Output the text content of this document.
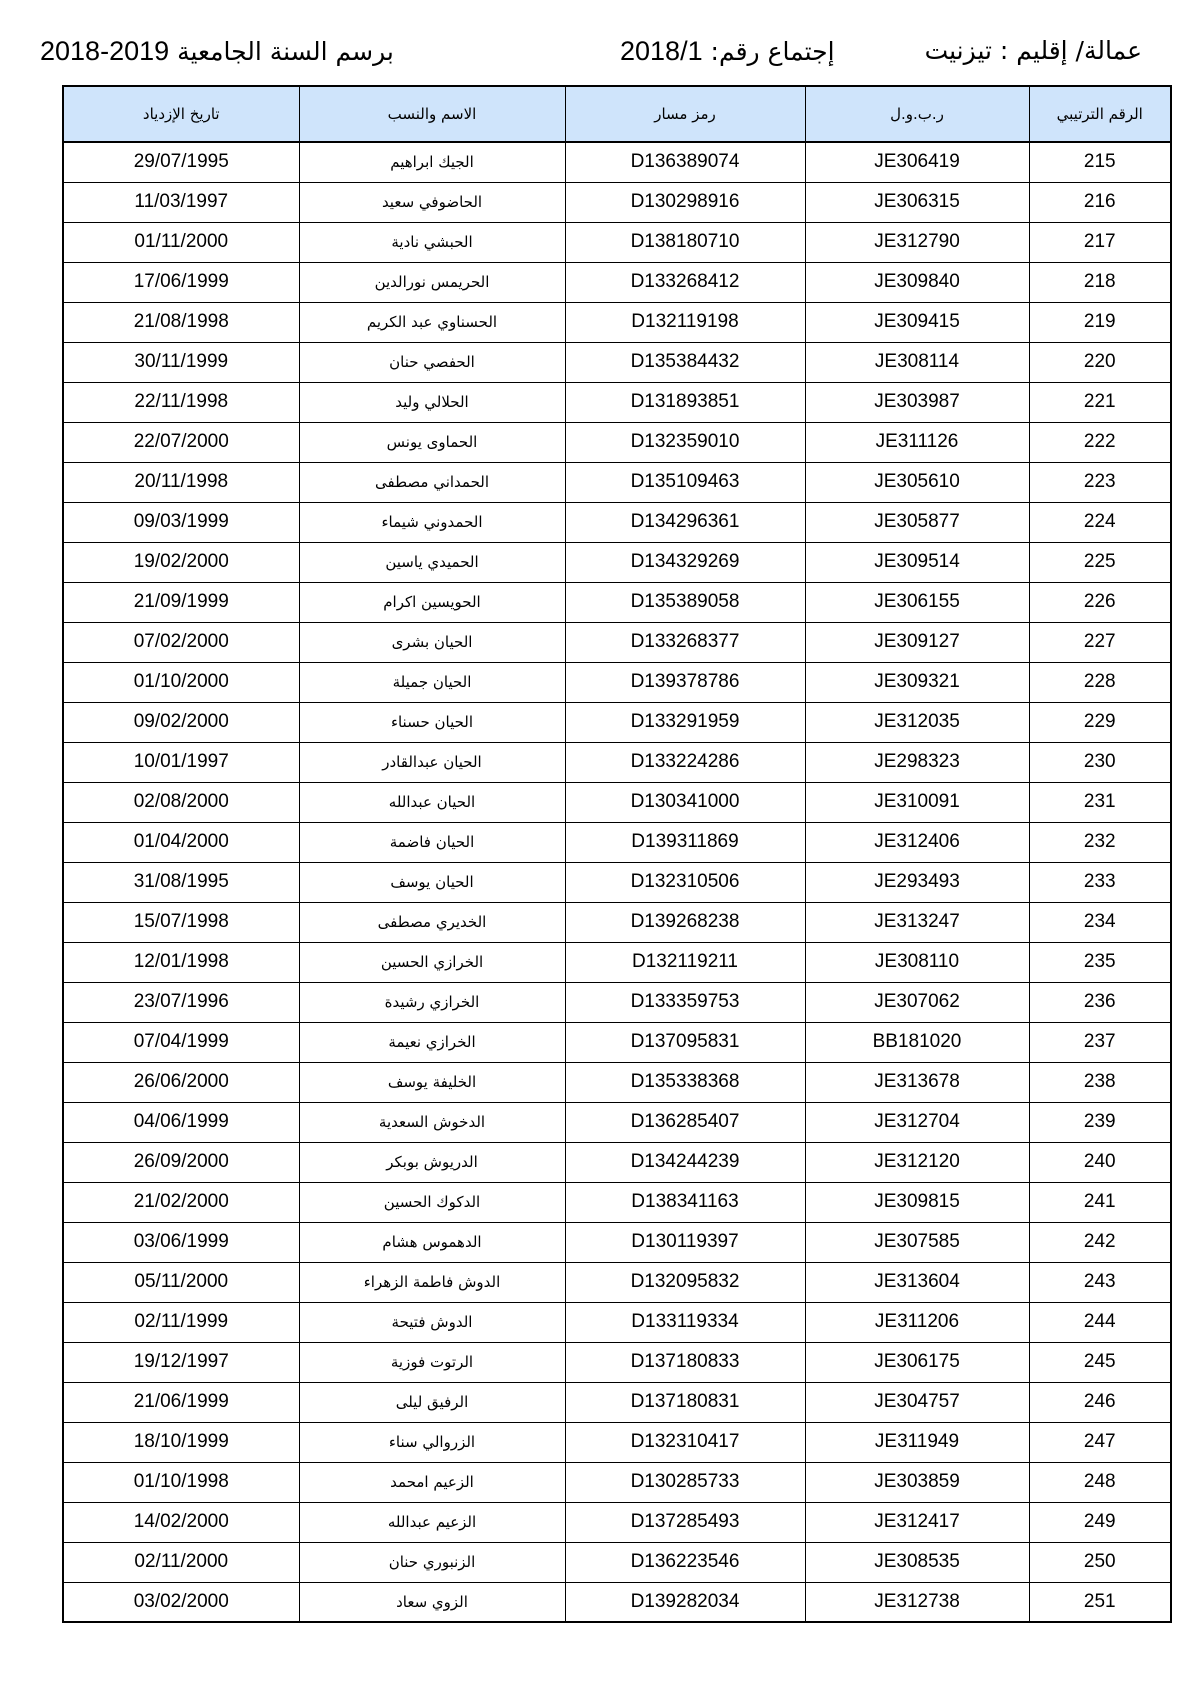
عمالة/ إقليم : تيزنيت
إجتماع رقم: 2018/1
برسم السنة الجامعية 2019-2018
الرقم الترتيبي	ر.ب.و.ل	رمز مسار	الاسم والنسب	تاريخ الإزدياد
215	JE306419	D136389074	الجيك ابراهيم	29/07/1995
216	JE306315	D130298916	الحاضوفي سعيد	11/03/1997
217	JE312790	D138180710	الحبشي نادية	01/11/2000
218	JE309840	D133268412	الحريمس نورالدين	17/06/1999
219	JE309415	D132119198	الحسناوي عبد الكريم	21/08/1998
220	JE308114	D135384432	الحفصي حنان	30/11/1999
221	JE303987	D131893851	الحلالي وليد	22/11/1998
222	JE311126	D132359010	الحماوى يونس	22/07/2000
223	JE305610	D135109463	الحمداني مصطفى	20/11/1998
224	JE305877	D134296361	الحمدوني شيماء	09/03/1999
225	JE309514	D134329269	الحميدي ياسين	19/02/2000
226	JE306155	D135389058	الحويسين اكرام	21/09/1999
227	JE309127	D133268377	الحيان بشرى	07/02/2000
228	JE309321	D139378786	الحيان جميلة	01/10/2000
229	JE312035	D133291959	الحيان حسناء	09/02/2000
230	JE298323	D133224286	الحيان عبدالقادر	10/01/1997
231	JE310091	D130341000	الحيان عبدالله	02/08/2000
232	JE312406	D139311869	الحيان فاضمة	01/04/2000
233	JE293493	D132310506	الحيان يوسف	31/08/1995
234	JE313247	D139268238	الخديري مصطفى	15/07/1998
235	JE308110	D132119211	الخرازي الحسين	12/01/1998
236	JE307062	D133359753	الخرازي رشيدة	23/07/1996
237	BB181020	D137095831	الخرازي نعيمة	07/04/1999
238	JE313678	D135338368	الخليفة يوسف	26/06/2000
239	JE312704	D136285407	الدخوش السعدية	04/06/1999
240	JE312120	D134244239	الدريوش بوبكر	26/09/2000
241	JE309815	D138341163	الدكوك الحسين	21/02/2000
242	JE307585	D130119397	الدهموس هشام	03/06/1999
243	JE313604	D132095832	الدوش فاطمة الزهراء	05/11/2000
244	JE311206	D133119334	الدوش فتيحة	02/11/1999
245	JE306175	D137180833	الرتوت فوزية	19/12/1997
246	JE304757	D137180831	الرفيق ليلى	21/06/1999
247	JE311949	D132310417	الزروالي سناء	18/10/1999
248	JE303859	D130285733	الزعيم امحمد	01/10/1998
249	JE312417	D137285493	الزعيم عبدالله	14/02/2000
250	JE308535	D136223546	الزنبوري حنان	02/11/2000
251	JE312738	D139282034	الزوي سعاد	03/02/2000
